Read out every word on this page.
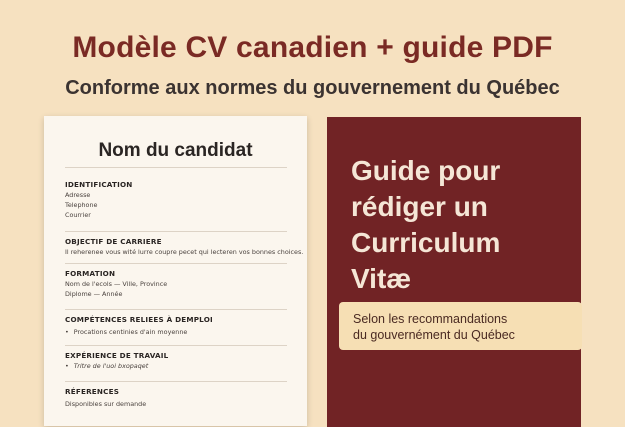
Modèle CV canadien + guide PDF
Conforme aux normes du gouvernement du Québec
Nom du candidat
IDENTIFICATION
Adresse
Telephone
Courrier
OBJECTIF DE CARRIERE
Il reherenee vous wité lurre coupre pecet qui lecteren vos bonnes choices.
FORMATION
Nom de l'ecols — Ville, Province
Diplome — Année
COMPÉTENCES RELIEES À DEMPLOI
• Procations centinies d'ain moyenne
EXPÉRIENCE DE TRAVAIL
• Tritre de l'uoi bxopaqet
RÉFERENCES
Disponibles sur demande
Guide pour
rédiger un
Curriculum
Vitæ
Selon les recommandations
du gouvernément du Québec
